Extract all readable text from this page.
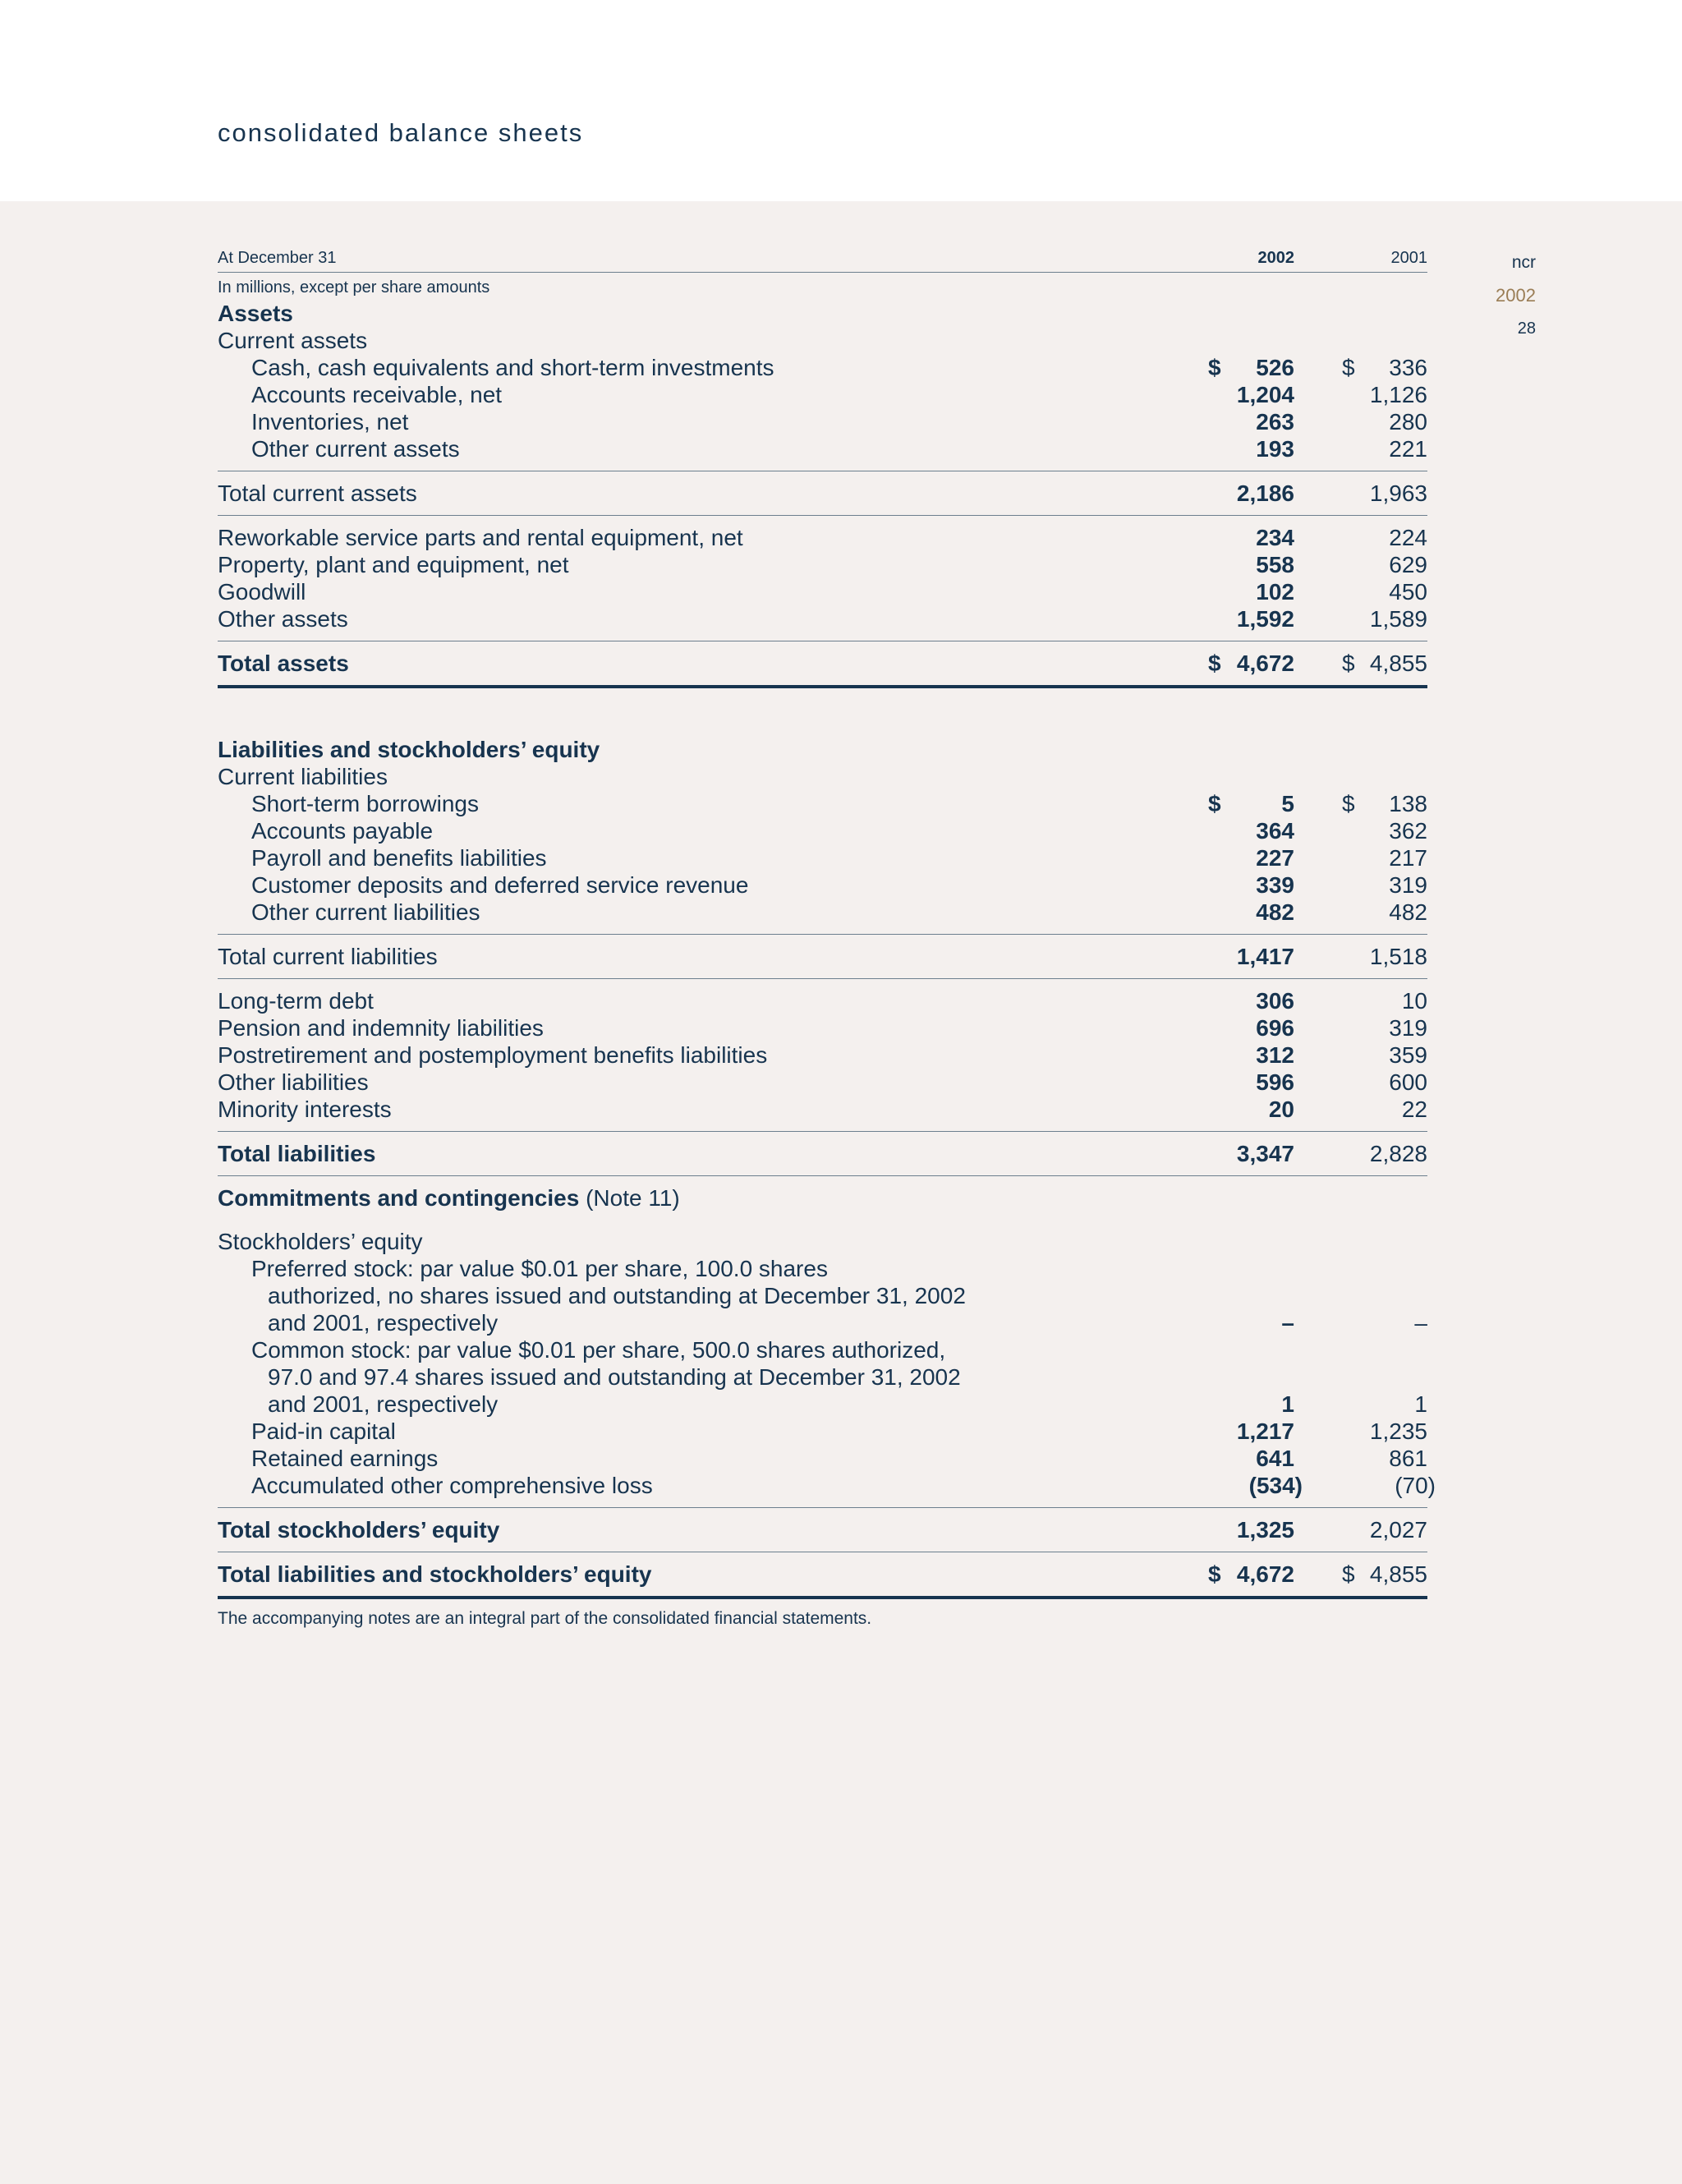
consolidated balance sheets
ncr
2002
28
At December 31	2002	2001
In millions, except per share amounts
Assets
Current assets
Cash, cash equivalents and short-term investments	$ 526 $ 336
Accounts receivable, net	1,204	1,126
Inventories, net	263	280
Other current assets	193	221
Total current assets	2,186	1,963
Reworkable service parts and rental equipment, net	234	224
Property, plant and equipment, net	558	629
Goodwill	102	450
Other assets	1,592	1,589
Total assets	$ 4,672 $ 4,855
Liabilities and stockholders’ equity
Current liabilities
Short-term borrowings	$	5 $ 138
Accounts payable	364	362
Payroll and benefits liabilities	227	217
Customer deposits and deferred service revenue	339	319
Other current liabilities	482	482
Total current liabilities	1,417	1,518
Long-term debt	306	10
Pension and indemnity liabilities	696	319
Postretirement and postemployment benefits liabilities	312	359
Other liabilities	596	600
Minority interests	20	22
Total liabilities	3,347	2,828
Commitments and contingencies (Note 11)
Stockholders’ equity
Preferred stock: par value $0.01 per share, 100.0 shares
authorized, no shares issued and outstanding at December 31, 2002
and 2001, respectively	–	–
Common stock: par value $0.01 per share, 500.0 shares authorized,
97.0 and 97.4 shares issued and outstanding at December 31, 2002
and 2001, respectively	1	1
Paid-in capital	1,217	1,235
Retained earnings	641	861
Accumulated other comprehensive loss	(534)	(70)
Total stockholders’ equity	1,325	2,027
Total liabilities and stockholders’ equity	$ 4,672 $ 4,855
The accompanying notes are an integral part of the consolidated financial statements.
